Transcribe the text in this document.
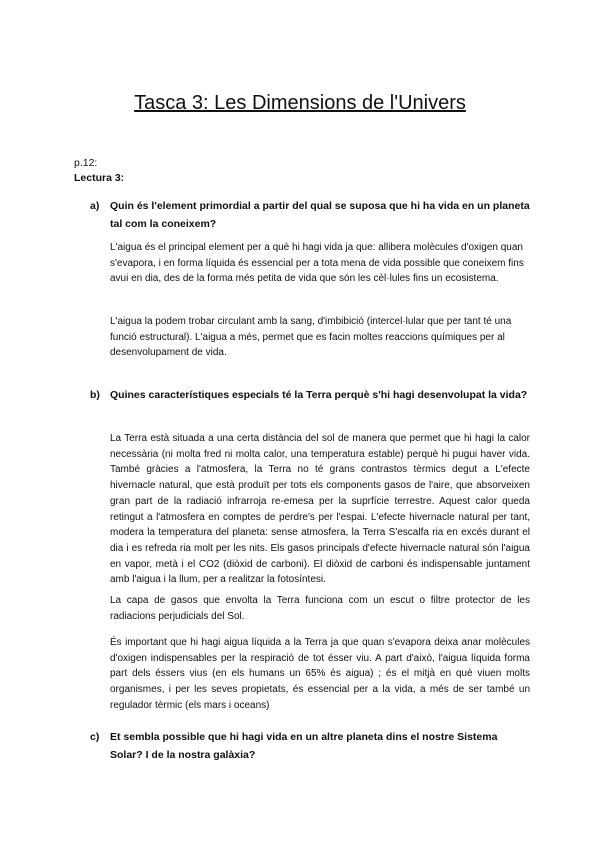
Tasca 3: Les Dimensions de l'Univers
p.12:
Lectura 3:
a) Quin és l'element primordial a partir del qual se suposa que hi ha vida en un planeta tal com la coneixem?
L'aigua és el principal element per a què hi hagi vida ja que: allibera molècules d'oxigen quan s'evapora, i en forma líquida és essencial per a tota mena de vida possible que coneixem fins avui en dia, des de la forma més petita de vida que són les cèl·lules fins un ecosistema.
L'aigua la podem trobar circulant amb la sang, d'imbibició (intercel·lular que per tant té una funció estructural). L'aigua a més, permet que es facin moltes reaccions químiques per al desenvolupament de vida.
b) Quines característiques especials té la Terra perquè s'hi hagi desenvolupat la vida?
La Terra està situada a una certa distància del sol de manera que permet que hi hagi la calor necessària (ni molta fred ni molta calor, una temperatura estable) perquè hi pugui haver vida. També gràcies a l'atmosfera, la Terra no té grans contrastos tèrmics degut a L'efecte hivernacle natural, que està produït per tots els components gasos de l'aire, que absorveixen gran part de la radiació infrarroja re-emesa per la suprfície terrestre. Aquest calor queda retingut a l'atmosfera en comptes de perdre's per l'espai. L'efecte hivernacle natural per tant, modera la temperatura del planeta: sense atmosfera, la Terra S'escalfa ria en excés durant el dia i es refreda ria molt per les nits. Els gasos principals d'efecte hivernacle natural són l'aigua en vapor, metà i el CO2 (diòxid de carboni). El diòxid de carboni és indispensable juntament amb l'aigua i la llum, per a realitzar la fotosíntesi.
La capa de gasos que envolta la Terra funciona com un escut o filtre protector de les radiacions perjudicials del Sol.
És important que hi hagi aigua líquida a la Terra ja que quan s'evapora deixa anar molècules d'oxigen indispensables per la respiració de tot ésser viu. A part d'això, l'aigua líquida forma part dels éssers vius (en els humans un 65% és aigua) ; és el mitjà en què viuen molts organismes, i per les seves propietats, és essencial per a la vida, a més de ser també un regulador tèrmic (els mars i oceans)
c) Et sembla possible que hi hagi vida en un altre planeta dins el nostre Sistema Solar? I de la nostra galàxia?
